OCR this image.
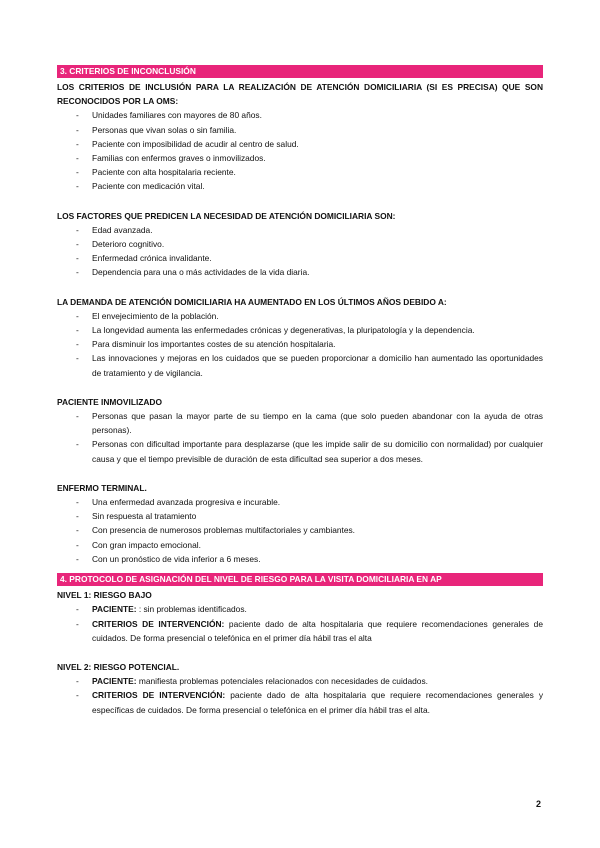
3. CRITERIOS DE INCONCLUSIÓN
LOS CRITERIOS DE INCLUSIÓN PARA LA REALIZACIÓN DE ATENCIÓN DOMICILIARIA (SI ES PRECISA) QUE SON RECONOCIDOS POR LA OMS:
- Unidades familiares con mayores de 80 años.
- Personas que vivan solas o sin familia.
- Paciente con imposibilidad de acudir al centro de salud.
- Familias con enfermos graves o inmovilizados.
- Paciente con alta hospitalaria reciente.
- Paciente con medicación vital.
LOS FACTORES QUE PREDICEN LA NECESIDAD DE ATENCIÓN DOMICILIARIA SON:
- Edad avanzada.
- Deterioro cognitivo.
- Enfermedad crónica invalidante.
- Dependencia para una o más actividades de la vida diaria.
LA DEMANDA DE ATENCIÓN DOMICILIARIA HA AUMENTADO EN LOS ÚLTIMOS AÑOS DEBIDO A:
- El envejecimiento de la población.
- La longevidad aumenta las enfermedades crónicas y degenerativas, la pluripatología y la dependencia.
- Para disminuir los importantes costes de su atención hospitalaria.
- Las innovaciones y mejoras en los cuidados que se pueden proporcionar a domicilio han aumentado las oportunidades de tratamiento y de vigilancia.
PACIENTE INMOVILIZADO
- Personas que pasan la mayor parte de su tiempo en la cama (que solo pueden abandonar con la ayuda de otras personas).
- Personas con dificultad importante para desplazarse (que les impide salir de su domicilio con normalidad) por cualquier causa y que el tiempo previsible de duración de esta dificultad sea superior a dos meses.
ENFERMO TERMINAL.
- Una enfermedad avanzada progresiva e incurable.
- Sin respuesta al tratamiento
- Con presencia de numerosos problemas multifactoriales y cambiantes.
- Con gran impacto emocional.
- Con un pronóstico de vida inferior a 6 meses.
4. PROTOCOLO DE ASIGNACIÓN DEL NIVEL DE RIESGO PARA LA VISITA DOMICILIARIA EN AP
NIVEL 1: RIESGO BAJO
- PACIENTE: : sin problemas identificados.
- CRITERIOS DE INTERVENCIÓN: paciente dado de alta hospitalaria que requiere recomendaciones generales de cuidados. De forma presencial o telefónica en el primer día hábil tras el alta
NIVEL 2: RIESGO POTENCIAL.
- PACIENTE: manifiesta problemas potenciales relacionados con necesidades de cuidados.
- CRITERIOS DE INTERVENCIÓN: paciente dado de alta hospitalaria que requiere recomendaciones generales y específicas de cuidados. De forma presencial o telefónica en el primer día hábil tras el alta.
2
